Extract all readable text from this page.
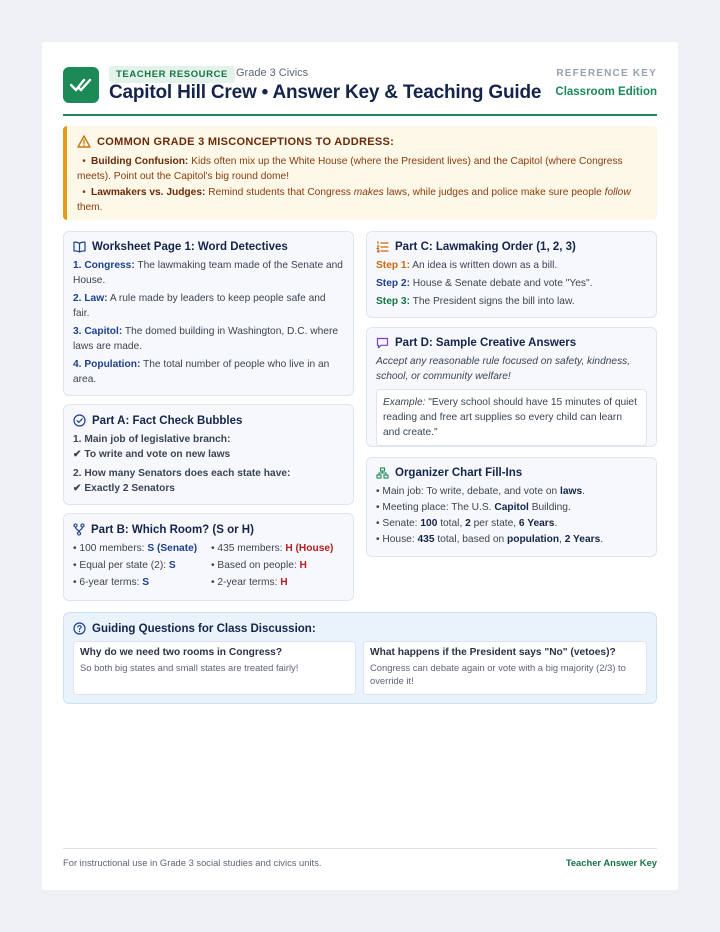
TEACHER RESOURCE Grade 3 Civics
Capitol Hill Crew • Answer Key & Teaching Guide
REFERENCE KEY
Classroom Edition
COMMON GRADE 3 MISCONCEPTIONS TO ADDRESS:
• Building Confusion: Kids often mix up the White House (where the President lives) and the Capitol (where Congress meets). Point out the Capitol's big round dome!
• Lawmakers vs. Judges: Remind students that Congress makes laws, while judges and police make sure people follow them.
Worksheet Page 1: Word Detectives

1. Congress: The lawmaking team made of the Senate and House.

2. Law: A rule made by leaders to keep people safe and fair.

3. Capitol: The domed building in Washington, D.C. where laws are made.

4. Population: The total number of people who live in an area.

Part A: Fact Check Bubbles

1. Main job of legislative branch:

✔ To write and vote on new laws

2. How many Senators does each state have:

✔ Exactly 2 Senators

Part B: Which Room? (S or H)

• 100 members: S (Senate)	• 435 members: H (House)

• Equal per state (2): S	• Based on people: H

• 6-year terms: S	• 2-year terms: H

Part C: Lawmaking Order (1, 2, 3)

Step 1: An idea is written down as a bill.

Step 2: House & Senate debate and vote "Yes".

Step 3: The President signs the bill into law.

Part D: Sample Creative Answers

Accept any reasonable rule focused on safety, kindness, school, or community welfare!

Example: "Every school should have 15 minutes of quiet reading and free art supplies so every child can learn and create."
Organizer Chart Fill-Ins

• Main job: To write, debate, and vote on laws.

• Meeting place: The U.S. Capitol Building.

• Senate: 100 total, 2 per state, 6 Years.

• House: 435 total, based on population, 2 Years.

Guiding Questions for Class Discussion:
Why do we need two rooms in Congress?
So both big states and small states are treated fairly!
What happens if the President says "No" (vetoes)?
Congress can debate again or vote with a big majority (2/3) to override it!
For instructional use in Grade 3 social studies and civics units.	Teacher Answer Key
